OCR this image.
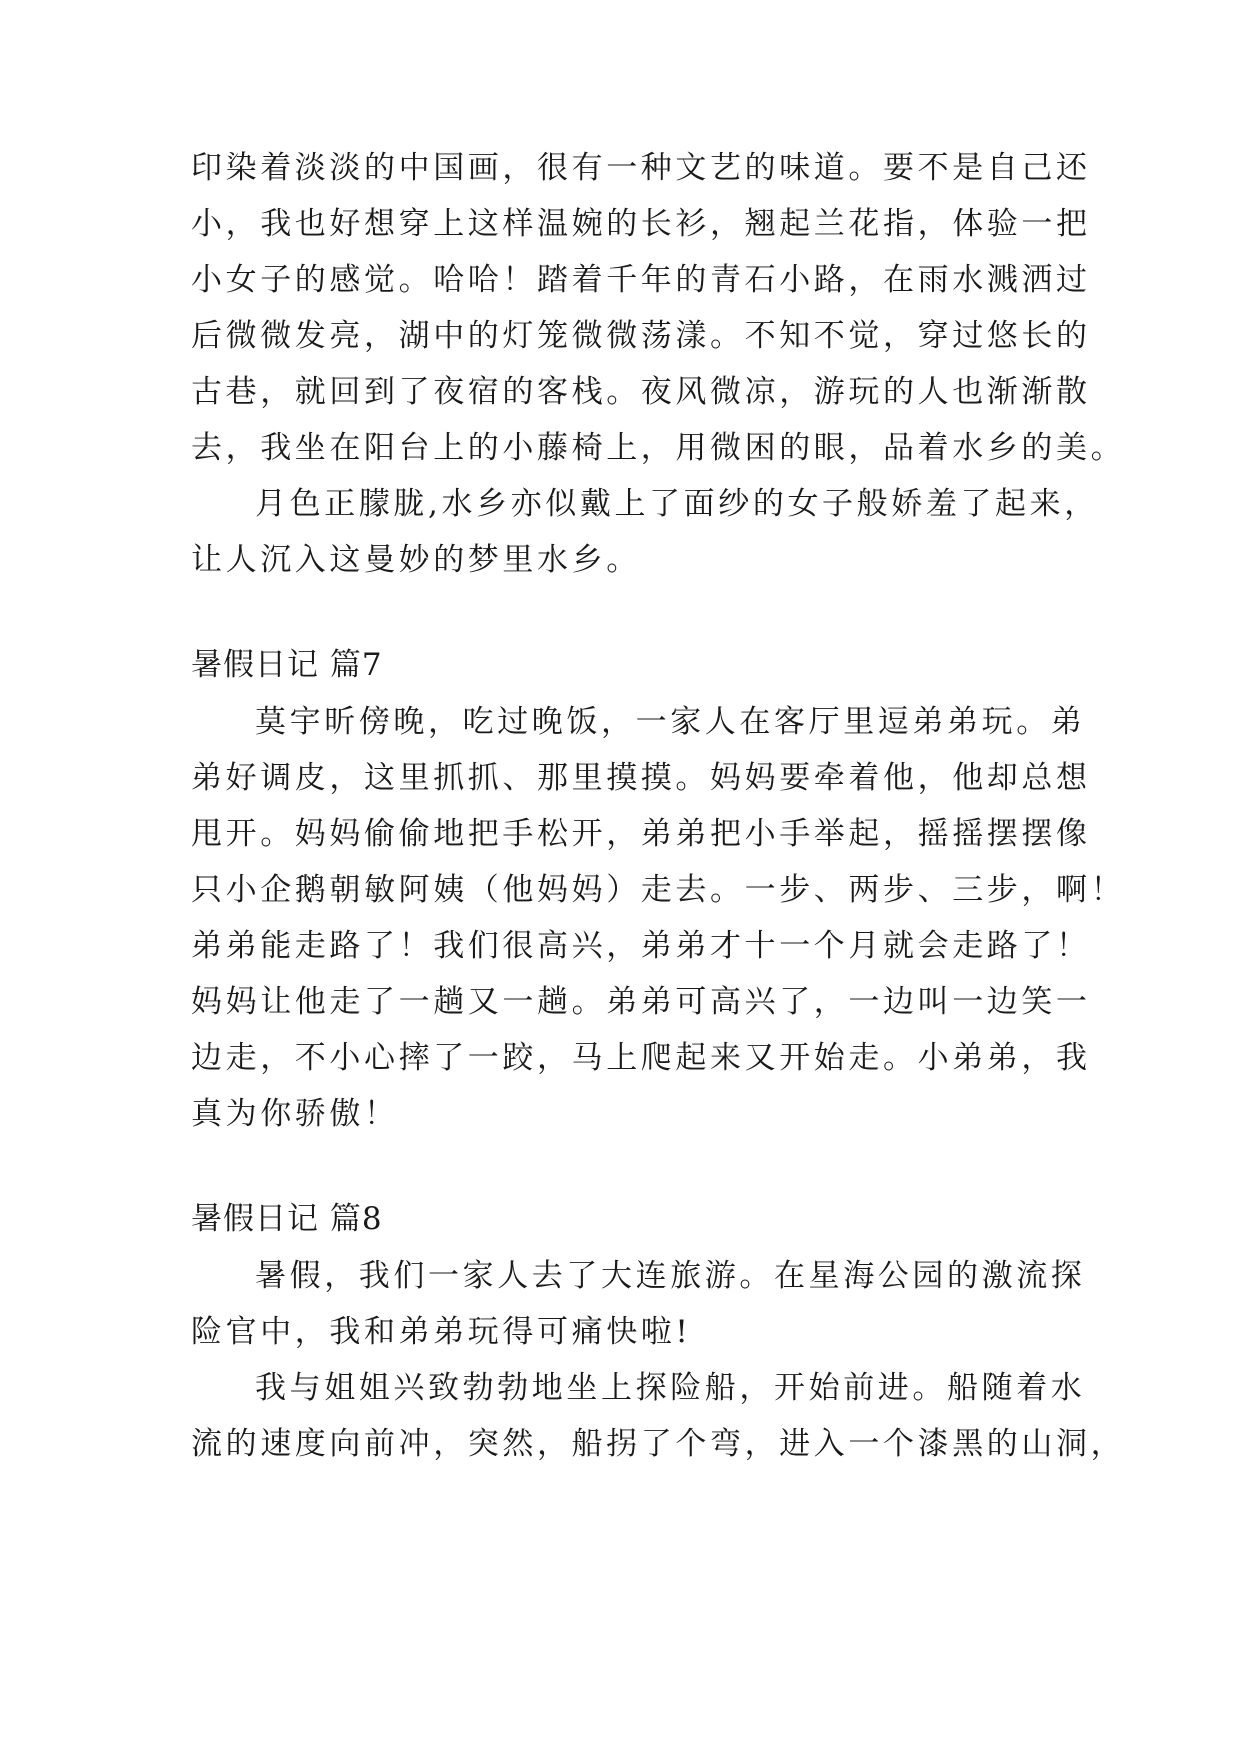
印染着淡淡的中国画，很有一种文艺的味道。要不是自己还
小，我也好想穿上这样温婉的长衫，翘起兰花指，体验一把
小女子的感觉。哈哈！踏着千年的青石小路，在雨水溅洒过
后微微发亮，湖中的灯笼微微荡漾。不知不觉，穿过悠长的
古巷，就回到了夜宿的客栈。夜风微凉，游玩的人也渐渐散
去，我坐在阳台上的小藤椅上，用微困的眼，品着水乡的美。
月色正朦胧,水乡亦似戴上了面纱的女子般娇羞了起来，
让人沉入这曼妙的梦里水乡。
暑假日记 篇7
莫宇昕傍晚，吃过晚饭，一家人在客厅里逗弟弟玩。弟
弟好调皮，这里抓抓、那里摸摸。妈妈要牵着他，他却总想
甩开。妈妈偷偷地把手松开，弟弟把小手举起，摇摇摆摆像
只小企鹅朝敏阿姨（他妈妈）走去。一步、两步、三步，啊！
弟弟能走路了！我们很高兴，弟弟才十一个月就会走路了！
妈妈让他走了一趟又一趟。弟弟可高兴了，一边叫一边笑一
边走，不小心摔了一跤，马上爬起来又开始走。小弟弟，我
真为你骄傲！
暑假日记 篇8
暑假，我们一家人去了大连旅游。在星海公园的激流探
险官中，我和弟弟玩得可痛快啦!
我与姐姐兴致勃勃地坐上探险船，开始前进。船随着水
流的速度向前冲，突然，船拐了个弯，进入一个漆黑的山洞，
